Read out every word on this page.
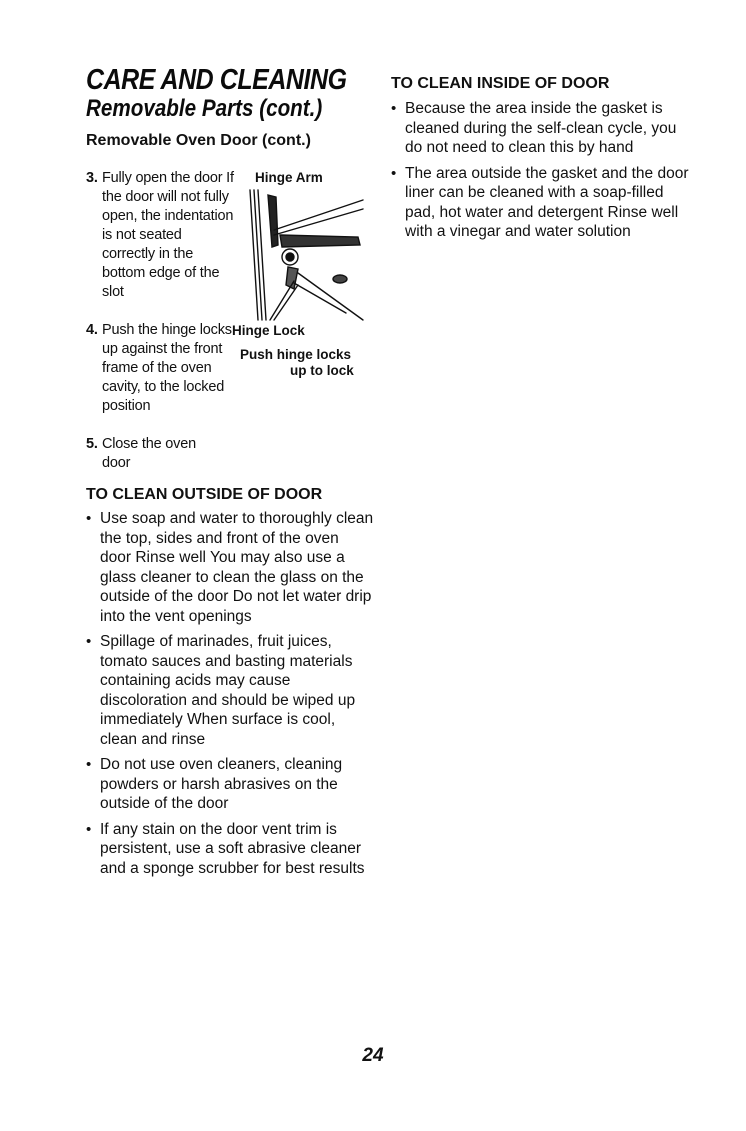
CARE AND CLEANING
Removable Parts (cont.)
Removable Oven Door (cont.)
3. Fully open the door If the door will not fully open, the indentation is not seated correctly in the bottom edge of the slot
4. Push the hinge locks up against the front frame of the oven cavity, to the locked position
5. Close the oven door
Hinge Arm
Hinge Lock
Push hinge locks
up to lock
TO CLEAN OUTSIDE OF DOOR
• Use soap and water to thoroughly clean the top, sides and front of the oven door Rinse well You may also use a glass cleaner to clean the glass on the outside of the door Do not let water drip into the vent openings
• Spillage of marinades, fruit juices, tomato sauces and basting materials containing acids may cause discoloration and should be wiped up immediately When surface is cool, clean and rinse
• Do not use oven cleaners, cleaning powders or harsh abrasives on the outside of the door
• If any stain on the door vent trim is persistent, use a soft abrasive cleaner and a sponge scrubber for best results
TO CLEAN INSIDE OF DOOR
• Because the area inside the gasket is cleaned during the self-clean cycle, you do not need to clean this by hand
• The area outside the gasket and the door liner can be cleaned with a soap-filled pad, hot water and detergent Rinse well with a vinegar and water solution
24
